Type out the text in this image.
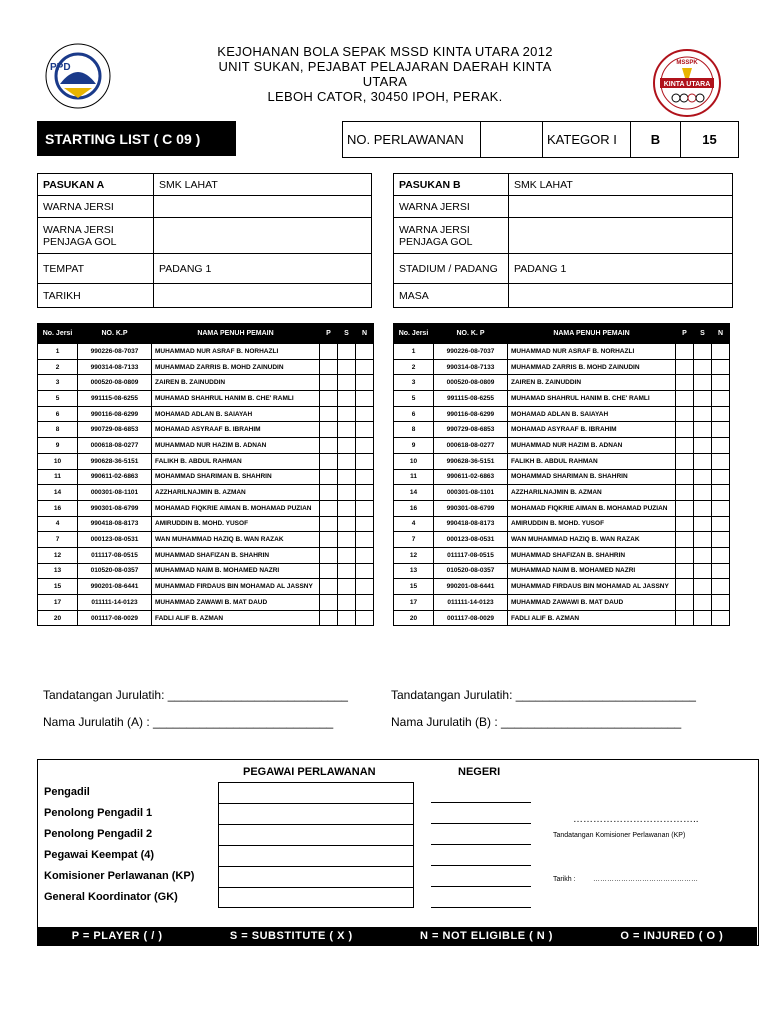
PPD
KEJOHANAN BOLA SEPAK MSSD KINTA UTARA 2012
UNIT SUKAN, PEJABAT PELAJARAN DAERAH KINTA
UTARA
LEBOH CATOR, 30450 IPOH, PERAK.
MSSPK
KINTA UTARA
STARTING LIST ( C 09 )	NO. PERLAWANAN		KATEGOR I	B	15
PASUKAN A	SMK LAHAT
WARNA JERSI	
WARNA JERSI PENJAGA GOL	
TEMPAT	PADANG 1
TARIKH	
PASUKAN B	SMK LAHAT
WARNA JERSI	
WARNA JERSI PENJAGA GOL	
STADIUM / PADANG	PADANG 1
MASA	
No. Jersi	NO. K.P	NAMA PENUH PEMAIN	P	S	N
1	990226-08-7037	MUHAMMAD NUR ASRAF B. NORHAZLI			
2	990314-08-7133	MUHAMMAD ZARRIS B. MOHD ZAINUDIN			
3	000520-08-0809	ZAIREN B. ZAINUDDIN			
5	991115-08-6255	MUHAMAD SHAHRUL HANIM B. CHE' RAMLI			
6	990116-08-6299	MOHAMAD ADLAN B. SAIAYAH			
8	990729-08-6853	MOHAMAD ASYRAAF B. IBRAHIM			
9	000618-08-0277	MUHAMMAD NUR HAZIM B. ADNAN			
10	990628-36-5151	FALIKH B. ABDUL RAHMAN			
11	990611-02-6863	MOHAMMAD SHARIMAN B. SHAHRIN			
14	000301-08-1101	AZZHARILNAJMIN B. AZMAN			
16	990301-08-6799	MOHAMAD FIQKRIE AIMAN B. MOHAMAD PUZIAN			
4	990418-08-8173	AMIRUDDIN B. MOHD. YUSOF			
7	000123-08-0531	WAN MUHAMMAD HAZIQ B. WAN RAZAK			
12	011117-08-0515	MUHAMMAD SHAFIZAN B. SHAHRIN			
13	010520-08-0357	MUHAMMAD NAIM B. MOHAMED NAZRI			
15	990201-08-6441	MUHAMMAD FIRDAUS BIN MOHAMAD AL JASSNY			
17	011111-14-0123	MUHAMMAD ZAWAWI B. MAT DAUD			
20	001117-08-0029	FADLI ALIF B. AZMAN			
No. Jersi	NO. K. P	NAMA PENUH PEMAIN	P	S	N
1	990226-08-7037	MUHAMMAD NUR ASRAF B. NORHAZLI			
2	990314-08-7133	MUHAMMAD ZARRIS B. MOHD ZAINUDIN			
3	000520-08-0809	ZAIREN B. ZAINUDDIN			
5	991115-08-6255	MUHAMAD SHAHRUL HANIM B. CHE' RAMLI			
6	990116-08-6299	MOHAMAD ADLAN B. SAIAYAH			
8	990729-08-6853	MOHAMAD ASYRAAF B. IBRAHIM			
9	000618-08-0277	MUHAMMAD NUR HAZIM B. ADNAN			
10	990628-36-5151	FALIKH B. ABDUL RAHMAN			
11	990611-02-6863	MOHAMMAD SHARIMAN B. SHAHRIN			
14	000301-08-1101	AZZHARILNAJMIN B. AZMAN			
16	990301-08-6799	MOHAMAD FIQKRIE AIMAN B. MOHAMAD PUZIAN			
4	990418-08-8173	AMIRUDDIN B. MOHD. YUSOF			
7	000123-08-0531	WAN MUHAMMAD HAZIQ B. WAN RAZAK			
12	011117-08-0515	MUHAMMAD SHAFIZAN B. SHAHRIN			
13	010520-08-0357	MUHAMMAD NAIM B. MOHAMED NAZRI			
15	990201-08-6441	MUHAMMAD FIRDAUS BIN MOHAMAD AL JASSNY			
17	011111-14-0123	MUHAMMAD ZAWAWI B. MAT DAUD			
20	001117-08-0029	FADLI ALIF B. AZMAN			
Tandatangan Jurulatih: ___________________________
Nama Jurulatih (A) : ___________________________
Tandatangan Jurulatih: ___________________________
Nama Jurulatih (B) : ___________________________
PEGAWAI PERLAWANAN	NEGERI
Pengadil
Penolong Pengadil 1
Penolong Pengadil 2
Pegawai Keempat (4)
Komisioner Perlawanan (KP)
General Koordinator (GK)
………………………………..
Tandatangan Komisioner Perlawanan (KP)
Tarikh : ………………………………………
P = PLAYER ( / )	S = SUBSTITUTE ( X )	N = NOT ELIGIBLE ( N )	O = INJURED ( O )
